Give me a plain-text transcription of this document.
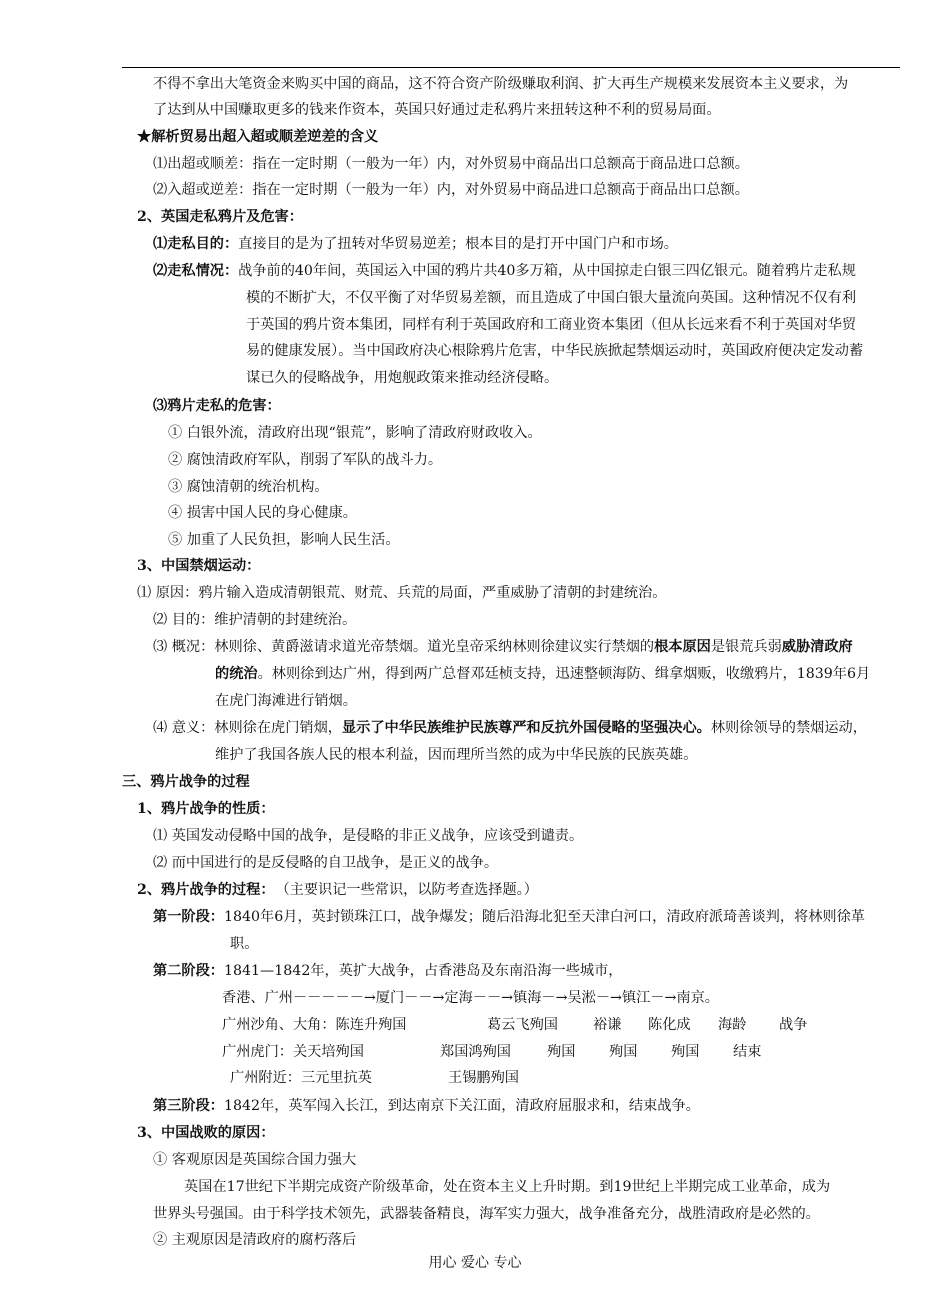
不得不拿出大笔资金来购买中国的商品，这不符合资产阶级赚取利润、扩大再生产规模来发展资本主义要求，为
了达到从中国赚取更多的钱来作资本，英国只好通过走私鸦片来扭转这种不利的贸易局面。
★解析贸易出超入超或顺差逆差的含义
⑴出超或顺差：指在一定时期（一般为一年）内，对外贸易中商品出口总额高于商品进口总额。
⑵入超或逆差：指在一定时期（一般为一年）内，对外贸易中商品进口总额高于商品出口总额。
2、英国走私鸦片及危害：
⑴走私目的：直接目的是为了扭转对华贸易逆差；根本目的是打开中国门户和市场。
⑵走私情况：战争前的40年间，英国运入中国的鸦片共40多万箱，从中国掠走白银三四亿银元。随着鸦片走私规
模的不断扩大，不仅平衡了对华贸易差额，而且造成了中国白银大量流向英国。这种情况不仅有利
于英国的鸦片资本集团，同样有利于英国政府和工商业资本集团（但从长远来看不利于英国对华贸
易的健康发展）。当中国政府决心根除鸦片危害，中华民族掀起禁烟运动时，英国政府便决定发动蓄
谋已久的侵略战争，用炮舰政策来推动经济侵略。
⑶鸦片走私的危害：
① 白银外流，清政府出现“银荒”，影响了清政府财政收入。
② 腐蚀清政府军队，削弱了军队的战斗力。
③ 腐蚀清朝的统治机构。
④ 损害中国人民的身心健康。
⑤ 加重了人民负担，影响人民生活。
3、中国禁烟运动：
⑴ 原因：鸦片输入造成清朝银荒、财荒、兵荒的局面，严重威胁了清朝的封建统治。
⑵ 目的：维护清朝的封建统治。
⑶ 概况：林则徐、黄爵滋请求道光帝禁烟。道光皇帝采纳林则徐建议实行禁烟的根本原因是银荒兵弱威胁清政府
的统治。林则徐到达广州，得到两广总督邓廷桢支持，迅速整顿海防、缉拿烟贩，收缴鸦片，1839年6月
在虎门海滩进行销烟。
⑷ 意义：林则徐在虎门销烟，显示了中华民族维护民族尊严和反抗外国侵略的坚强决心。林则徐领导的禁烟运动，
维护了我国各族人民的根本利益，因而理所当然的成为中华民族的民族英雄。
三、鸦片战争的过程
1、鸦片战争的性质：
⑴ 英国发动侵略中国的战争，是侵略的非正义战争，应该受到谴责。
⑵ 而中国进行的是反侵略的自卫战争，是正义的战争。
2、鸦片战争的过程： （主要识记一些常识，以防考查选择题。）
第一阶段：1840年6月，英封锁珠江口，战争爆发；随后沿海北犯至天津白河口，清政府派琦善谈判，将林则徐革
职。
第二阶段：1841—1842年，英扩大战争，占香港岛及东南沿海一些城市，
香港、广州－－－－－→厦门－－→定海－－→镇海－→吴淞－→镇江－→南京。
广州沙角、大角：陈连升殉国	葛云飞殉国 裕谦 陈化成 海龄 战争
广州虎门：关天培殉国	郑国鸿殉国	殉国 殉国 殉国 结束
广州附近：三元里抗英	王锡鹏殉国
第三阶段：1842年，英军闯入长江，到达南京下关江面，清政府屈服求和，结束战争。
3、中国战败的原因：
① 客观原因是英国综合国力强大
英国在17世纪下半期完成资产阶级革命，处在资本主义上升时期。到19世纪上半期完成工业革命，成为
世界头号强国。由于科学技术领先，武器装备精良，海军实力强大，战争准备充分，战胜清政府是必然的。
② 主观原因是清政府的腐朽落后
用心 爱心 专心
